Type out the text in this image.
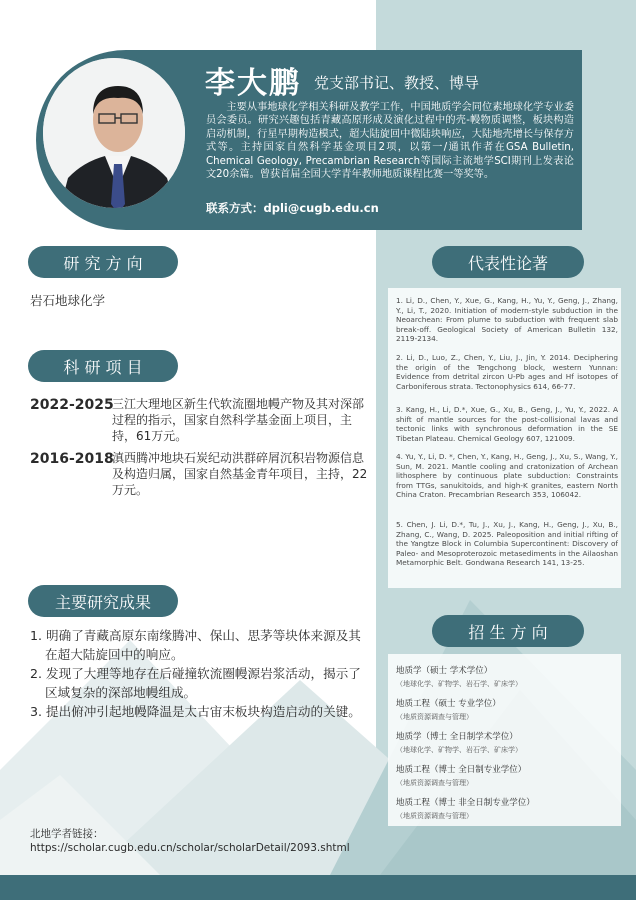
李大鹏 党支部书记、教授、博导
主要从事地球化学相关科研及教学工作，中国地质学会同位素地球化学专业委员会委员。研究兴趣包括青藏高原形成及演化过程中的壳-幔物质调整，板块构造启动机制，行星早期构造模式，超大陆旋回中微陆块响应，大陆地壳增长与保存方式等。主持国家自然科学基金项目2项，以第一/通讯作者在GSA Bulletin, Chemical Geology, Precambrian Research等国际主流地学SCI期刊上发表论文20余篇。曾获首届全国大学青年教师地质课程比赛一等奖等。
联系方式：dpli@cugb.edu.cn
研 究 方 向
岩石地球化学
科 研 项 目
2022-2025
三江大理地区新生代软流圈地幔产物及其对深部过程的指示，国家自然科学基金面上项目，主持，61万元。
2016-2018
滇西腾冲地块石炭纪动洪群碎屑沉积岩物源信息及构造归属，国家自然基金青年项目，主持，22万元。
主要研究成果
1. 明确了青藏高原东南缘腾冲、保山、思茅等块体来源及其在超大陆旋回中的响应。
2. 发现了大理等地存在后碰撞软流圈幔源岩浆活动，揭示了区域复杂的深部地幔组成。
3. 提出俯冲引起地幔降温是太古宙末板块构造启动的关键。
代表性论著
1. Li, D., Chen, Y., Xue, G., Kang, H., Yu, Y., Geng, J., Zhang, Y., Li, T., 2020. Initiation of modern-style subduction in the Neoarchean: From plume to subduction with frequent slab break-off. Geological Society of American Bulletin 132, 2119-2134.
2. Li, D., Luo, Z., Chen, Y., Liu, J., Jin, Y. 2014. Deciphering the origin of the Tengchong block, western Yunnan: Evidence from detrital zircon U-Pb ages and Hf isotopes of Carboniferous strata. Tectonophysics 614, 66-77.
3. Kang, H., Li, D.*, Xue, G., Xu, B., Geng, J., Yu, Y., 2022. A shift of mantle sources for the post-collisional lavas and tectonic links with synchronous deformation in the SE Tibetan Plateau. Chemical Geology 607, 121009.
4. Yu, Y., Li, D. *, Chen, Y., Kang, H., Geng, J., Xu, S., Wang, Y., Sun, M. 2021. Mantle cooling and cratonization of Archean lithosphere by continuous plate subduction: Constraints from TTGs, sanukitoids, and high-K granites, eastern North China Craton. Precambrian Research 353, 106042.
5. Chen, J. Li, D.*, Tu, J., Xu, J., Kang, H., Geng, J., Xu, B., Zhang, C., Wang, D. 2025. Paleoposition and initial rifting of the Yangtze Block in Columbia Supercontinent: Discovery of Paleo- and Mesoproterozoic metasediments in the Ailaoshan Metamorphic Belt. Gondwana Research 141, 13-25.
招 生 方 向
地质学（硕士 学术学位）
（地球化学、矿物学、岩石学、矿床学）
地质工程（硕士 专业学位）
（地质资源调查与管理）
地质学（博士 全日制学术学位）
（地球化学、矿物学、岩石学、矿床学）
地质工程（博士 全日制专业学位）
（地质资源调查与管理）
地质工程（博士 非全日制专业学位）
（地质资源调查与管理）
北地学者链接：
https://scholar.cugb.edu.cn/scholar/scholarDetail/2093.shtml
